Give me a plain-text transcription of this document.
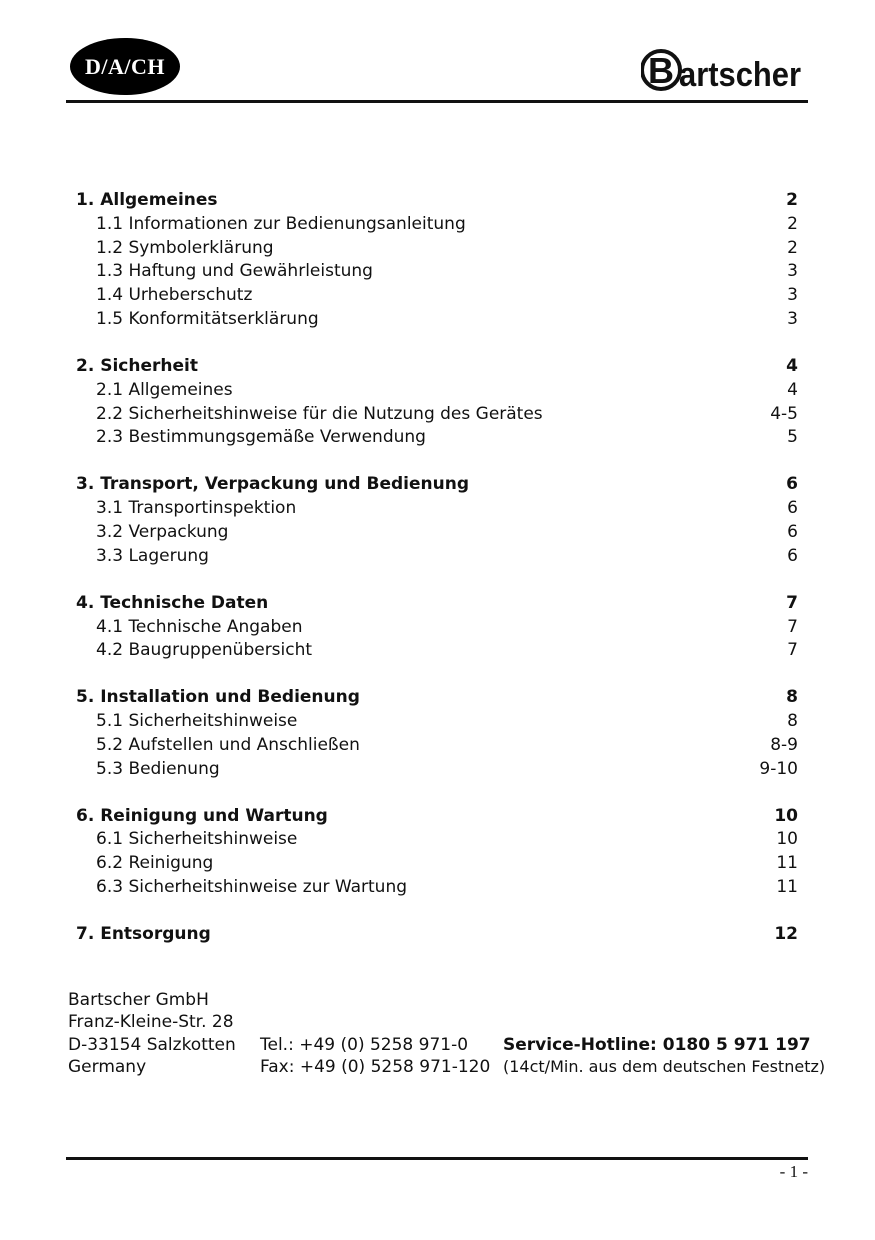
D/A/CH	B artscher
1. Allgemeines	2
1.1 Informationen zur Bedienungsanleitung	2
1.2 Symbolerklärung	2
1.3 Haftung und Gewährleistung	3
1.4 Urheberschutz	3
1.5 Konformitätserklärung	3
2. Sicherheit	4
2.1 Allgemeines	4
2.2 Sicherheitshinweise für die Nutzung des Gerätes	4-5
2.3 Bestimmungsgemäße Verwendung	5
3. Transport, Verpackung und Bedienung	6
3.1 Transportinspektion	6
3.2 Verpackung	6
3.3 Lagerung	6
4. Technische Daten	7
4.1 Technische Angaben	7
4.2 Baugruppenübersicht	7
5. Installation und Bedienung	8
5.1 Sicherheitshinweise	8
5.2 Aufstellen und Anschließen	8-9
5.3 Bedienung	9-10
6. Reinigung und Wartung	10
6.1 Sicherheitshinweise	10
6.2 Reinigung	11
6.3 Sicherheitshinweise zur Wartung	11
7. Entsorgung	12
Bartscher GmbH
Franz-Kleine-Str. 28
D-33154 Salzkotten Tel.: +49 (0) 5258 971-0 Service-Hotline: 0180 5 971 197
Germany	Fax: +49 (0) 5258 971-120 (14ct/Min. aus dem deutschen Festnetz)
- 1 -
